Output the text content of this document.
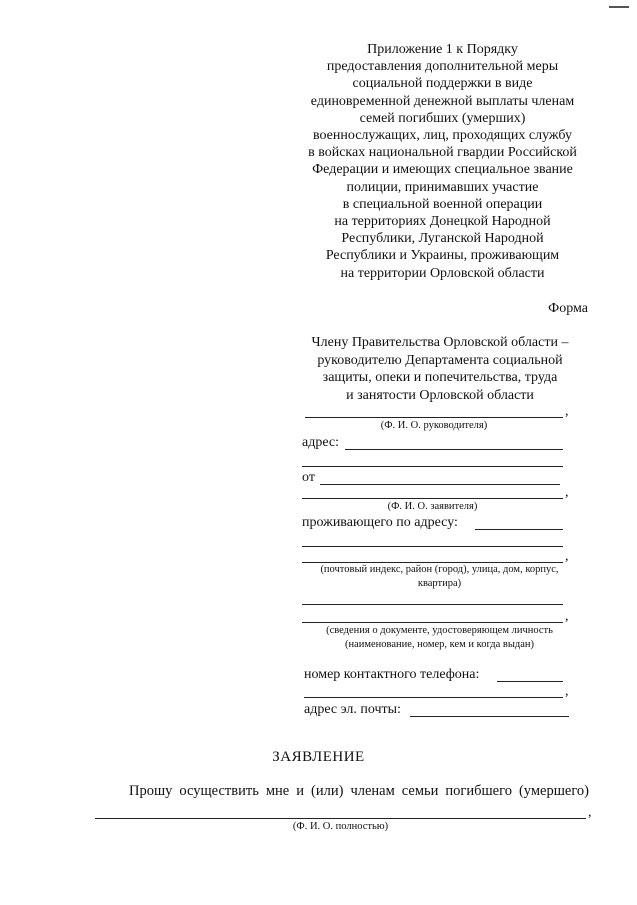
Приложение 1 к Порядку
предоставления дополнительной меры
социальной поддержки в виде
единовременной денежной выплаты членам
семей погибших (умерших)
военнослужащих, лиц, проходящих службу
в войсках национальной гвардии Российской
Федерации и имеющих специальное звание
полиции, принимавших участие
в специальной военной операции
на территориях Донецкой Народной
Республики, Луганской Народной
Республики и Украины, проживающим
на территории Орловской области
Форма
Члену Правительства Орловской области –
руководителю Департамента социальной
защиты, опеки и попечительства, труда
и занятости Орловской области
,
(Ф. И. О. руководителя)
адрес:
от
,
(Ф. И. О. заявителя)
проживающего по адресу:
,
(почтовый индекс, район (город), улица, дом, корпус,
квартира)
,
(сведения о документе, удостоверяющем личность
(наименование, номер, кем и когда выдан)
номер контактного телефона:
,
адрес эл. почты:
ЗАЯВЛЕНИЕ
Прошу осуществить мне и (или) членам семьи погибшего (умершего)
,
(Ф. И. О. полностью)
